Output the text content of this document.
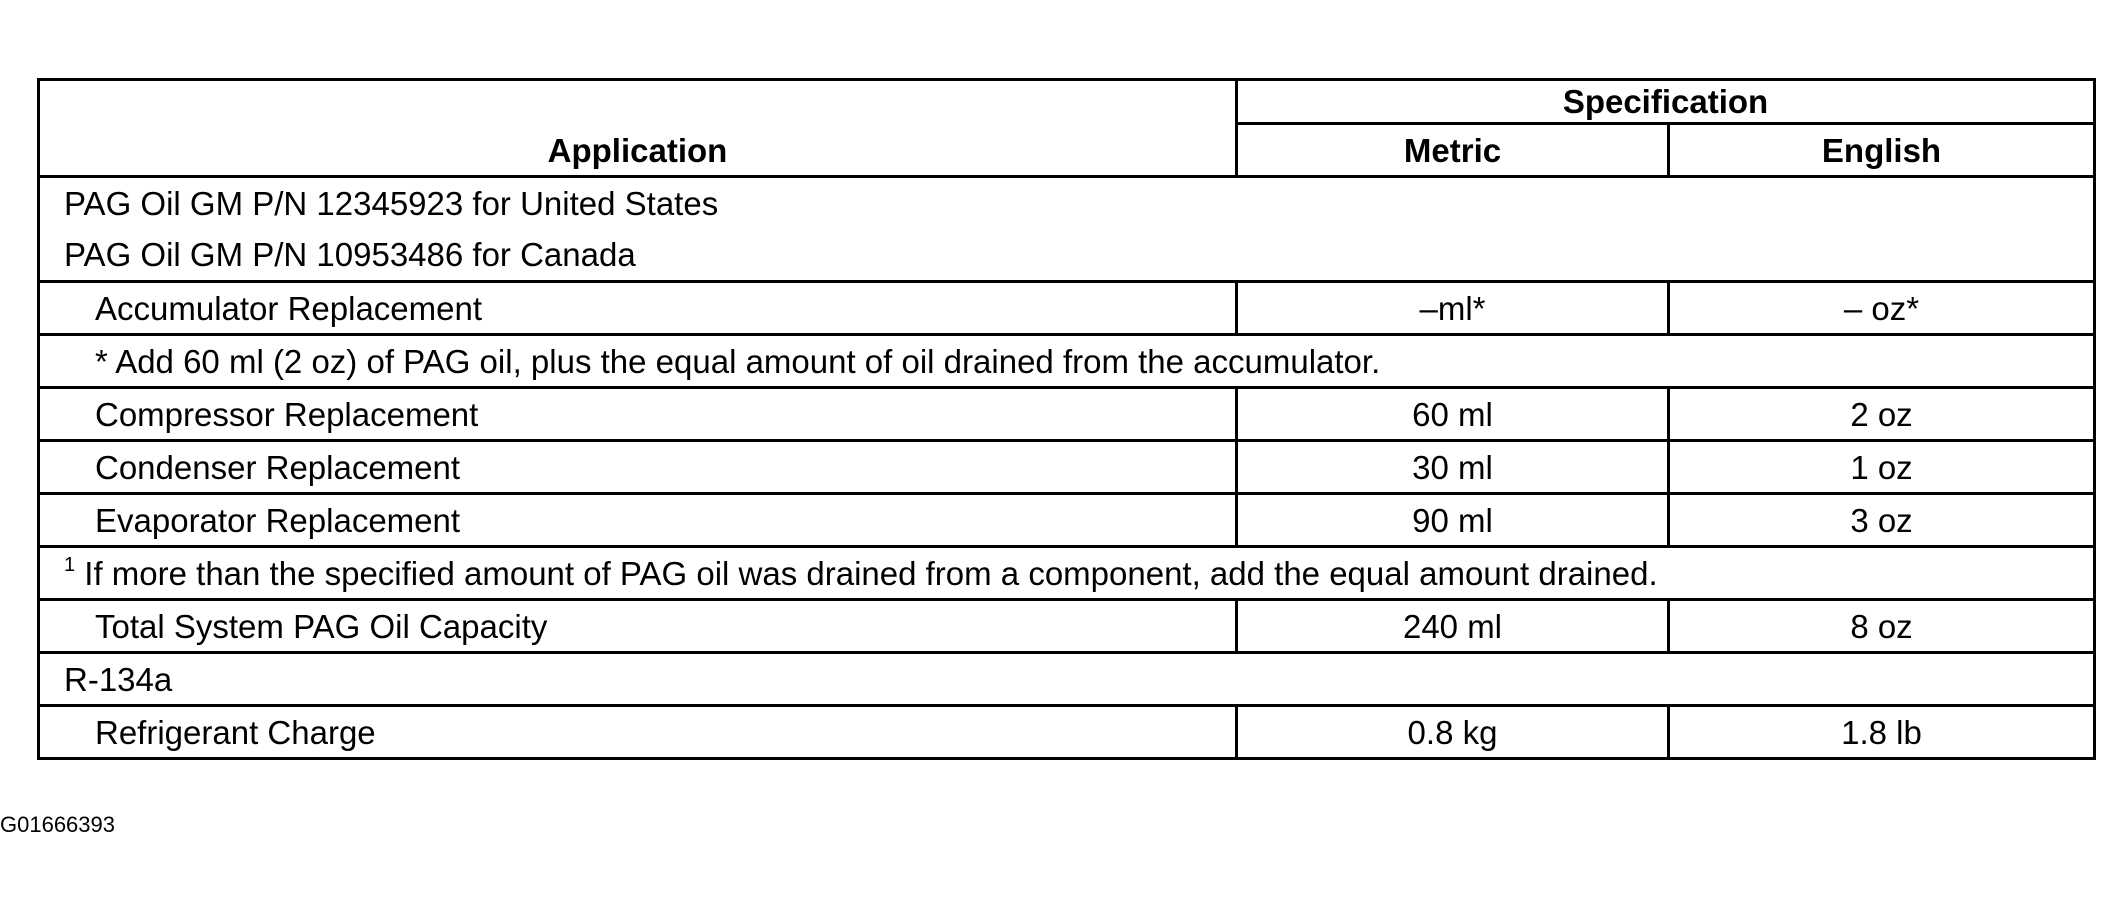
Application	Specification	
	Metric	English

PAG Oil GM P/N 12345923 for United States
PAG Oil GM P/N 10953486 for Canada		

Accumulator Replacement	–ml*	– oz*
* Add 60 ml (2 oz) of PAG oil, plus the equal amount of oil drained from the accumulator.		
Compressor Replacement	60 ml	2 oz
Condenser Replacement	30 ml	1 oz
Evaporator Replacement	90 ml	3 oz
$^1$ If more than the specified amount of PAG oil was drained from a component, add the equal amount drained.		
Total System PAG Oil Capacity	240 ml	8 oz
R-134a		
Refrigerant Charge	0.8 kg	1.8 lb
G01666393
